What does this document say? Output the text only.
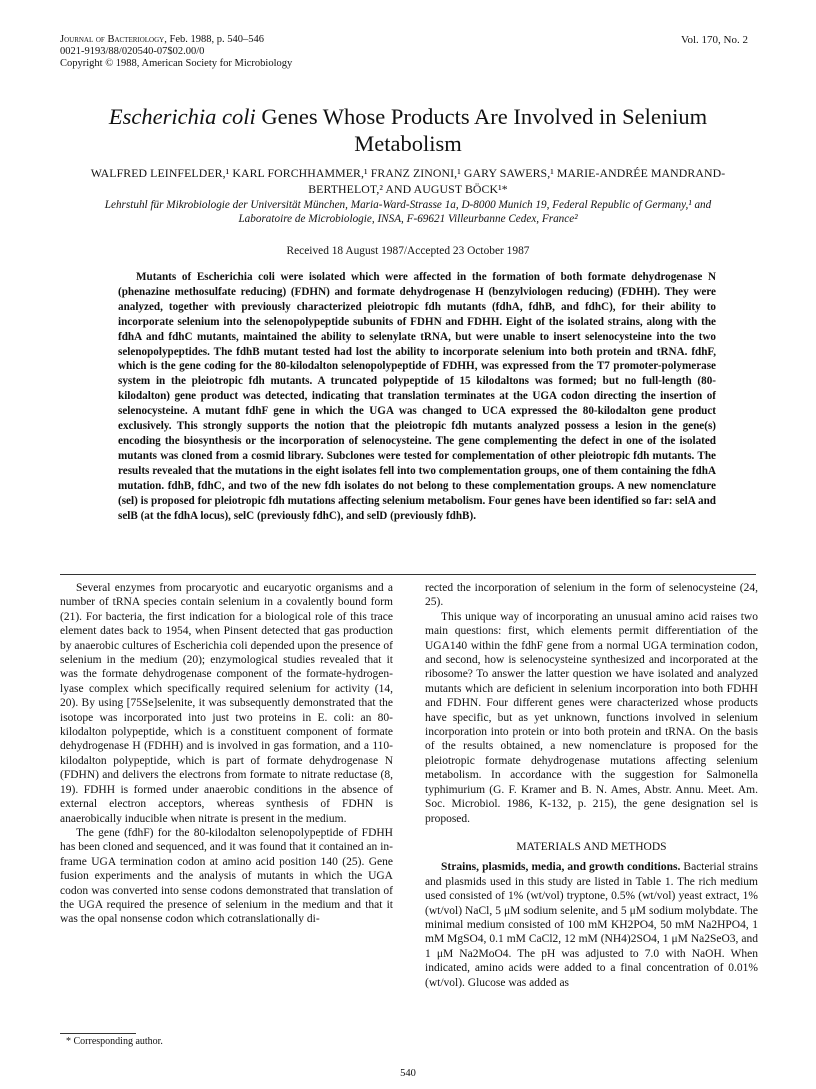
Journal of Bacteriology, Feb. 1988, p. 540–546
0021-9193/88/020540-07$02.00/0
Copyright © 1988, American Society for Microbiology
Vol. 170, No. 2
Escherichia coli Genes Whose Products Are Involved in Selenium Metabolism
WALFRED LEINFELDER,¹ KARL FORCHHAMMER,¹ FRANZ ZINONI,¹ GARY SAWERS,¹ MARIE-ANDRÉE MANDRAND-BERTHELOT,² AND AUGUST BÖCK¹*
Lehrstuhl für Mikrobiologie der Universität München, Maria-Ward-Strasse 1a, D-8000 Munich 19, Federal Republic of Germany,¹ and Laboratoire de Microbiologie, INSA, F-69621 Villeurbanne Cedex, France²
Received 18 August 1987/Accepted 23 October 1987
Mutants of Escherichia coli were isolated which were affected in the formation of both formate dehydrogenase N (phenazine methosulfate reducing) (FDHN) and formate dehydrogenase H (benzylviologen reducing) (FDHH). They were analyzed, together with previously characterized pleiotropic fdh mutants (fdhA, fdhB, and fdhC), for their ability to incorporate selenium into the selenopolypeptide subunits of FDHN and FDHH. Eight of the isolated strains, along with the fdhA and fdhC mutants, maintained the ability to selenylate tRNA, but were unable to insert selenocysteine into the two selenopolypeptides. The fdhB mutant tested had lost the ability to incorporate selenium into both protein and tRNA. fdhF, which is the gene coding for the 80-kilodalton selenopolypeptide of FDHH, was expressed from the T7 promoter-polymerase system in the pleiotropic fdh mutants. A truncated polypeptide of 15 kilodaltons was formed; but no full-length (80-kilodalton) gene product was detected, indicating that translation terminates at the UGA codon directing the insertion of selenocysteine. A mutant fdhF gene in which the UGA was changed to UCA expressed the 80-kilodalton gene product exclusively. This strongly supports the notion that the pleiotropic fdh mutants analyzed possess a lesion in the gene(s) encoding the biosynthesis or the incorporation of selenocysteine. The gene complementing the defect in one of the isolated mutants was cloned from a cosmid library. Subclones were tested for complementation of other pleiotropic fdh mutants. The results revealed that the mutations in the eight isolates fell into two complementation groups, one of them containing the fdhA mutation. fdhB, fdhC, and two of the new fdh isolates do not belong to these complementation groups. A new nomenclature (sel) is proposed for pleiotropic fdh mutations affecting selenium metabolism. Four genes have been identified so far: selA and selB (at the fdhA locus), selC (previously fdhC), and selD (previously fdhB).

Several enzymes from procaryotic and eucaryotic organisms and a number of tRNA species contain selenium in a covalently bound form (21). For bacteria, the first indication for a biological role of this trace element dates back to 1954, when Pinsent detected that gas production by anaerobic cultures of Escherichia coli depended upon the presence of selenium in the medium (20); enzymological studies revealed that it was the formate dehydrogenase component of the formate-hydrogen-lyase complex which specifically required selenium for activity (14, 20). By using [75Se]selenite, it was subsequently demonstrated that the isotope was incorporated into just two proteins in E. coli: an 80-kilodalton polypeptide, which is a constituent component of formate dehydrogenase H (FDHH) and is involved in gas formation, and a 110-kilodalton polypeptide, which is part of formate dehydrogenase N (FDHN) and delivers the electrons from formate to nitrate reductase (8, 19). FDHH is formed under anaerobic conditions in the absence of external electron acceptors, whereas synthesis of FDHN is anaerobically inducible when nitrate is present in the medium.

The gene (fdhF) for the 80-kilodalton selenopolypeptide of FDHH has been cloned and sequenced, and it was found that it contained an in-frame UGA termination codon at amino acid position 140 (25). Gene fusion experiments and the analysis of mutants in which the UGA codon was converted into sense codons demonstrated that translation of the UGA required the presence of selenium in the medium and that it was the opal nonsense codon which cotranslationally di-

rected the incorporation of selenium in the form of selenocysteine (24, 25).

This unique way of incorporating an unusual amino acid raises two main questions: first, which elements permit differentiation of the UGA140 within the fdhF gene from a normal UGA termination codon, and second, how is selenocysteine synthesized and incorporated at the ribosome? To answer the latter question we have isolated and analyzed mutants which are deficient in selenium incorporation into both FDHH and FDHN. Four different genes were characterized whose products have specific, but as yet unknown, functions involved in selenium incorporation into protein or into both protein and tRNA. On the basis of the results obtained, a new nomenclature is proposed for the pleiotropic formate dehydrogenase mutations affecting selenium metabolism. In accordance with the suggestion for Salmonella typhimurium (G. F. Kramer and B. N. Ames, Abstr. Annu. Meet. Am. Soc. Microbiol. 1986, K-132, p. 215), the gene designation sel is proposed.

MATERIALS AND METHODS

Strains, plasmids, media, and growth conditions. Bacterial strains and plasmids used in this study are listed in Table 1. The rich medium used consisted of 1% (wt/vol) tryptone, 0.5% (wt/vol) yeast extract, 1% (wt/vol) NaCl, 5 μM sodium selenite, and 5 μM sodium molybdate. The minimal medium consisted of 100 mM KH2PO4, 50 mM Na2HPO4, 1 mM MgSO4, 0.1 mM CaCl2, 12 mM (NH4)2SO4, 1 μM Na2SeO3, and 1 μM Na2MoO4. The pH was adjusted to 7.0 with NaOH. When indicated, amino acids were added to a final concentration of 0.01% (wt/vol). Glucose was added as

* Corresponding author.
540
